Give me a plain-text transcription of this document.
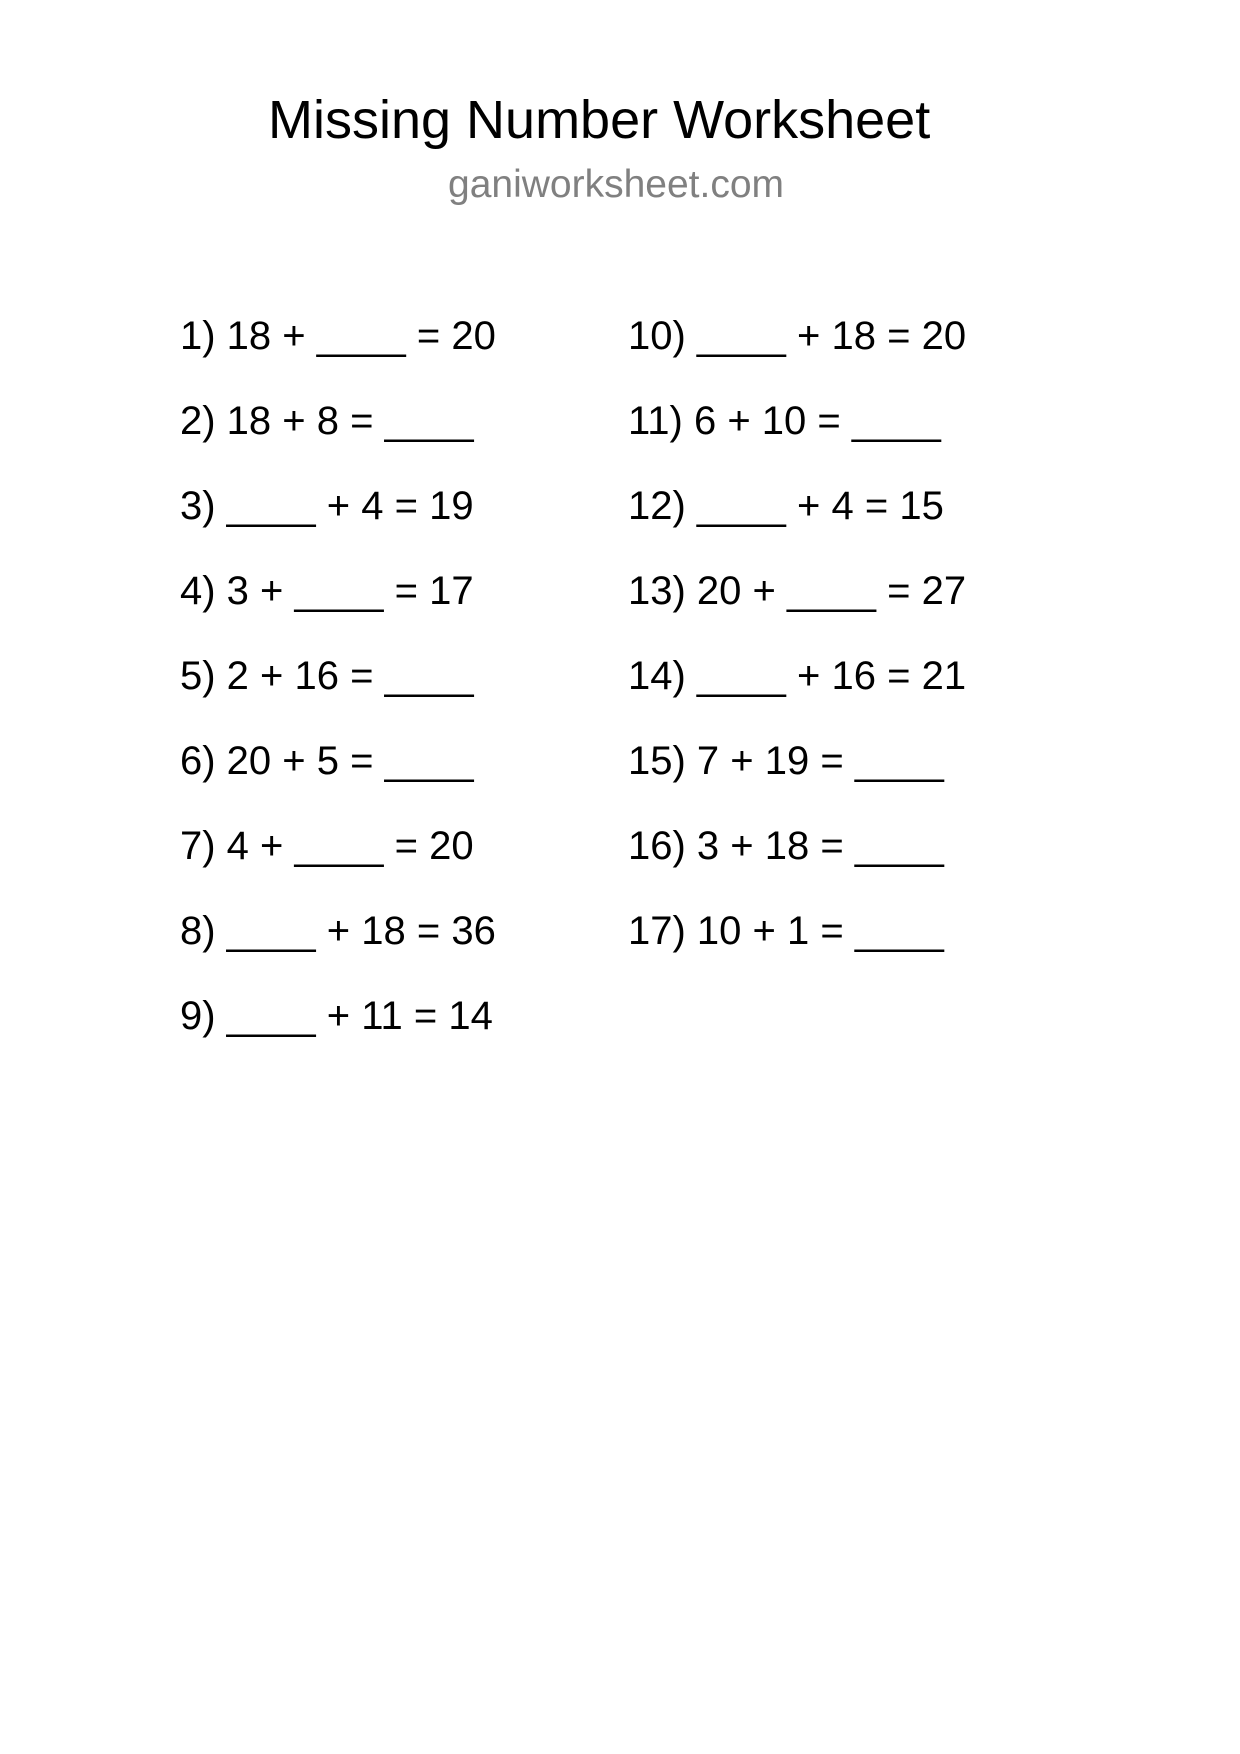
Missing Number Worksheet
ganiworksheet.com
1) 18 + ____ = 20
2) 18 + 8 = ____
3) ____ + 4 = 19
4) 3 + ____ = 17
5) 2 + 16 = ____
6) 20 + 5 = ____
7) 4 + ____ = 20
8) ____ + 18 = 36
9) ____ + 11 = 14
10) ____ + 18 = 20
11) 6 + 10 = ____
12) ____ + 4 = 15
13) 20 + ____ = 27
14) ____ + 16 = 21
15) 7 + 19 = ____
16) 3 + 18 = ____
17) 10 + 1 = ____
